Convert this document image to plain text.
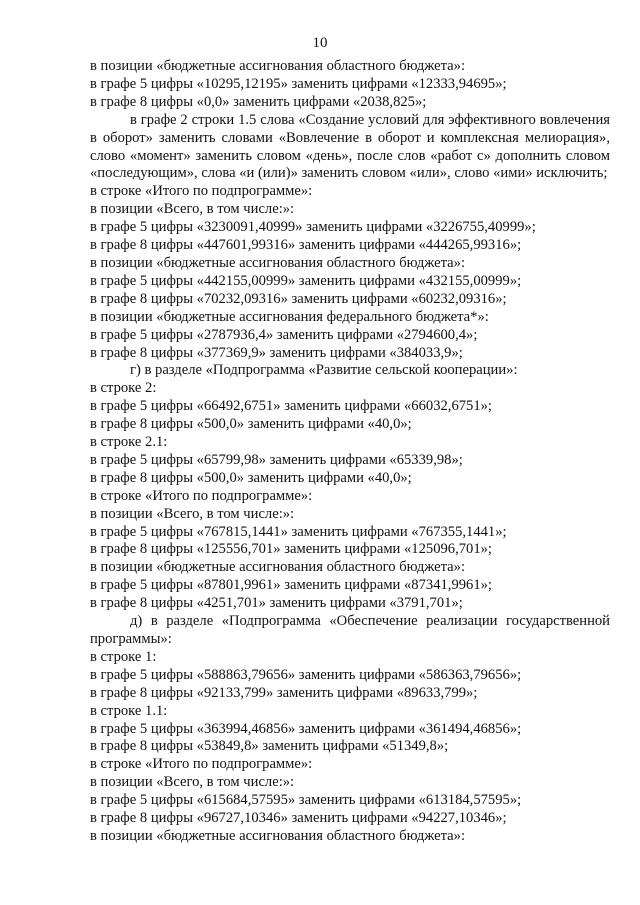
10

в позиции «бюджетные ассигнования областного бюджета»:

в графе 5 цифры «10295,12195» заменить цифрами «12333,94695»;

в графе 8 цифры «0,0» заменить цифрами «2038,825»;

в графе 2 строки 1.5 слова «Создание условий для эффективного вовлечения в оборот» заменить словами «Вовлечение в оборот и комплексная мелиорация», слово «момент» заменить словом «день», после слов «работ с» дополнить словом «последующим», слова «и (или)» заменить словом «или», слово «ими» исключить;

в строке «Итого по подпрограмме»:

в позиции «Всего, в том числе:»:

в графе 5 цифры «3230091,40999» заменить цифрами «3226755,40999»;

в графе 8 цифры «447601,99316» заменить цифрами «444265,99316»;

в позиции «бюджетные ассигнования областного бюджета»:

в графе 5 цифры «442155,00999» заменить цифрами «432155,00999»;

в графе 8 цифры «70232,09316» заменить цифрами «60232,09316»;

в позиции «бюджетные ассигнования федерального бюджета*»:

в графе 5 цифры «2787936,4» заменить цифрами «2794600,4»;

в графе 8 цифры «377369,9» заменить цифрами «384033,9»;

г) в разделе «Подпрограмма «Развитие сельской кооперации»:

в строке 2:

в графе 5 цифры «66492,6751» заменить цифрами «66032,6751»;

в графе 8 цифры «500,0» заменить цифрами «40,0»;

в строке 2.1:

в графе 5 цифры «65799,98» заменить цифрами «65339,98»;

в графе 8 цифры «500,0» заменить цифрами «40,0»;

в строке «Итого по подпрограмме»:

в позиции «Всего, в том числе:»:

в графе 5 цифры «767815,1441» заменить цифрами «767355,1441»;

в графе 8 цифры «125556,701» заменить цифрами «125096,701»;

в позиции «бюджетные ассигнования областного бюджета»:

в графе 5 цифры «87801,9961» заменить цифрами «87341,9961»;

в графе 8 цифры «4251,701» заменить цифрами «3791,701»;

д) в разделе «Подпрограмма «Обеспечение реализации государственной программы»:

в строке 1:

в графе 5 цифры «588863,79656» заменить цифрами «586363,79656»;

в графе 8 цифры «92133,799» заменить цифрами «89633,799»;

в строке 1.1:

в графе 5 цифры «363994,46856» заменить цифрами «361494,46856»;

в графе 8 цифры «53849,8» заменить цифрами «51349,8»;

в строке «Итого по подпрограмме»:

в позиции «Всего, в том числе:»:

в графе 5 цифры «615684,57595» заменить цифрами «613184,57595»;

в графе 8 цифры «96727,10346» заменить цифрами «94227,10346»;

в позиции «бюджетные ассигнования областного бюджета»:
